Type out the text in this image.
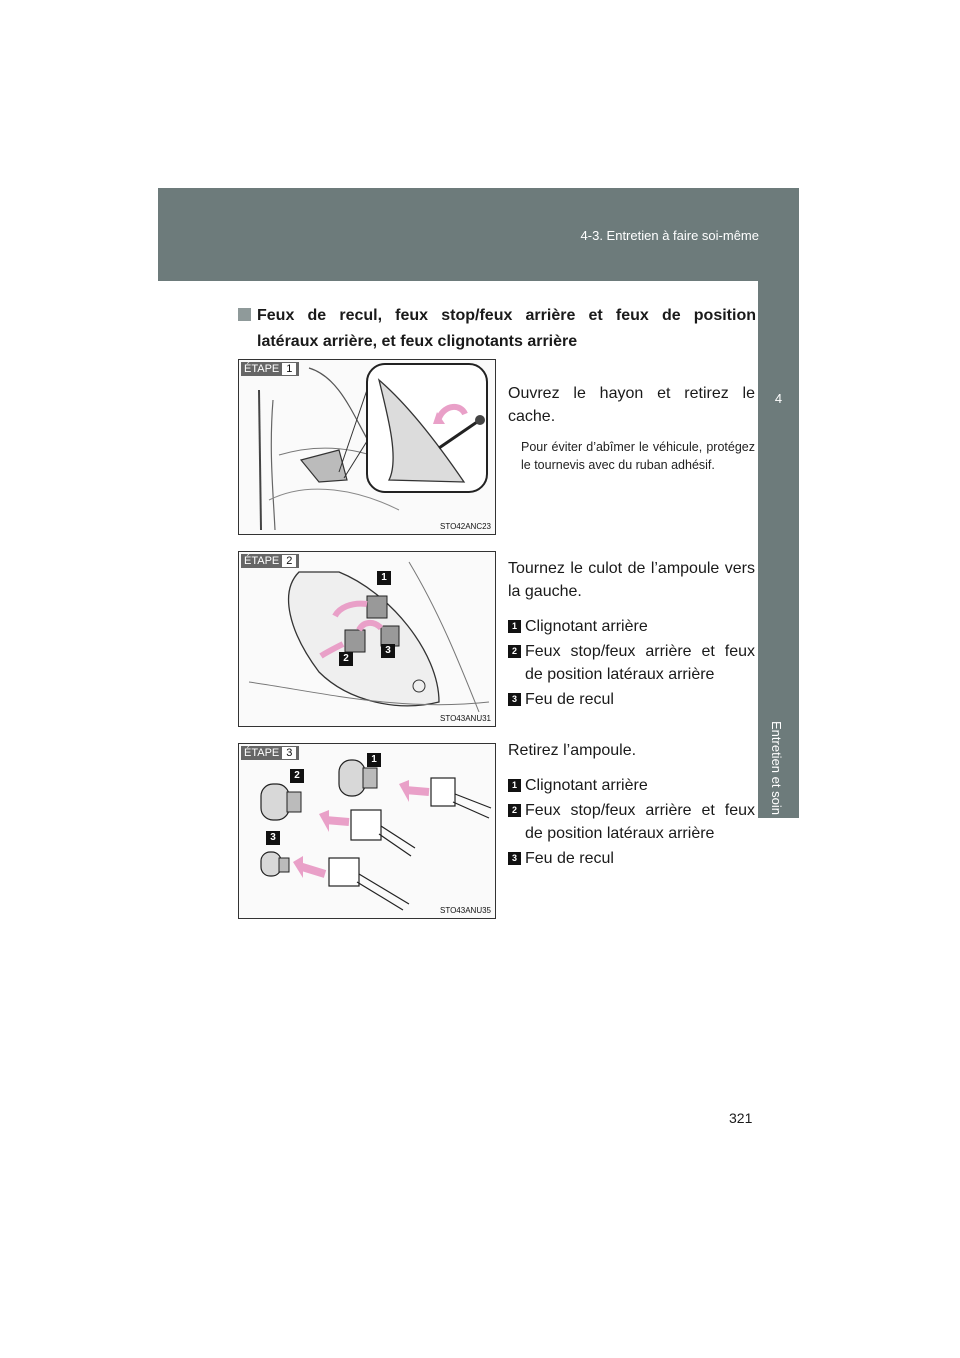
4-3. Entretien à faire soi-même
4
Entretien et soin
Feux de recul, feux stop/feux arrière et feux de position
latéraux arrière, et feux clignotants arrière
ÉTAPE 1
STO42ANC23

Ouvrez le hayon et retirez le cache.

Pour éviter d’abîmer le véhicule, protégez le tournevis avec du ruban adhésif.

ÉTAPE 2
1
2
3
STO43ANU31

Tournez le culot de l’ampoule vers la gauche.

1 Clignotant arrière
2 Feux stop/feux arrière et feux de position latéraux arrière
3 Feu de recul
ÉTAPE 3
1
2
3
STO43ANU35

Retirez l’ampoule.

1 Clignotant arrière
2 Feux stop/feux arrière et feux de position latéraux arrière
3 Feu de recul
321
